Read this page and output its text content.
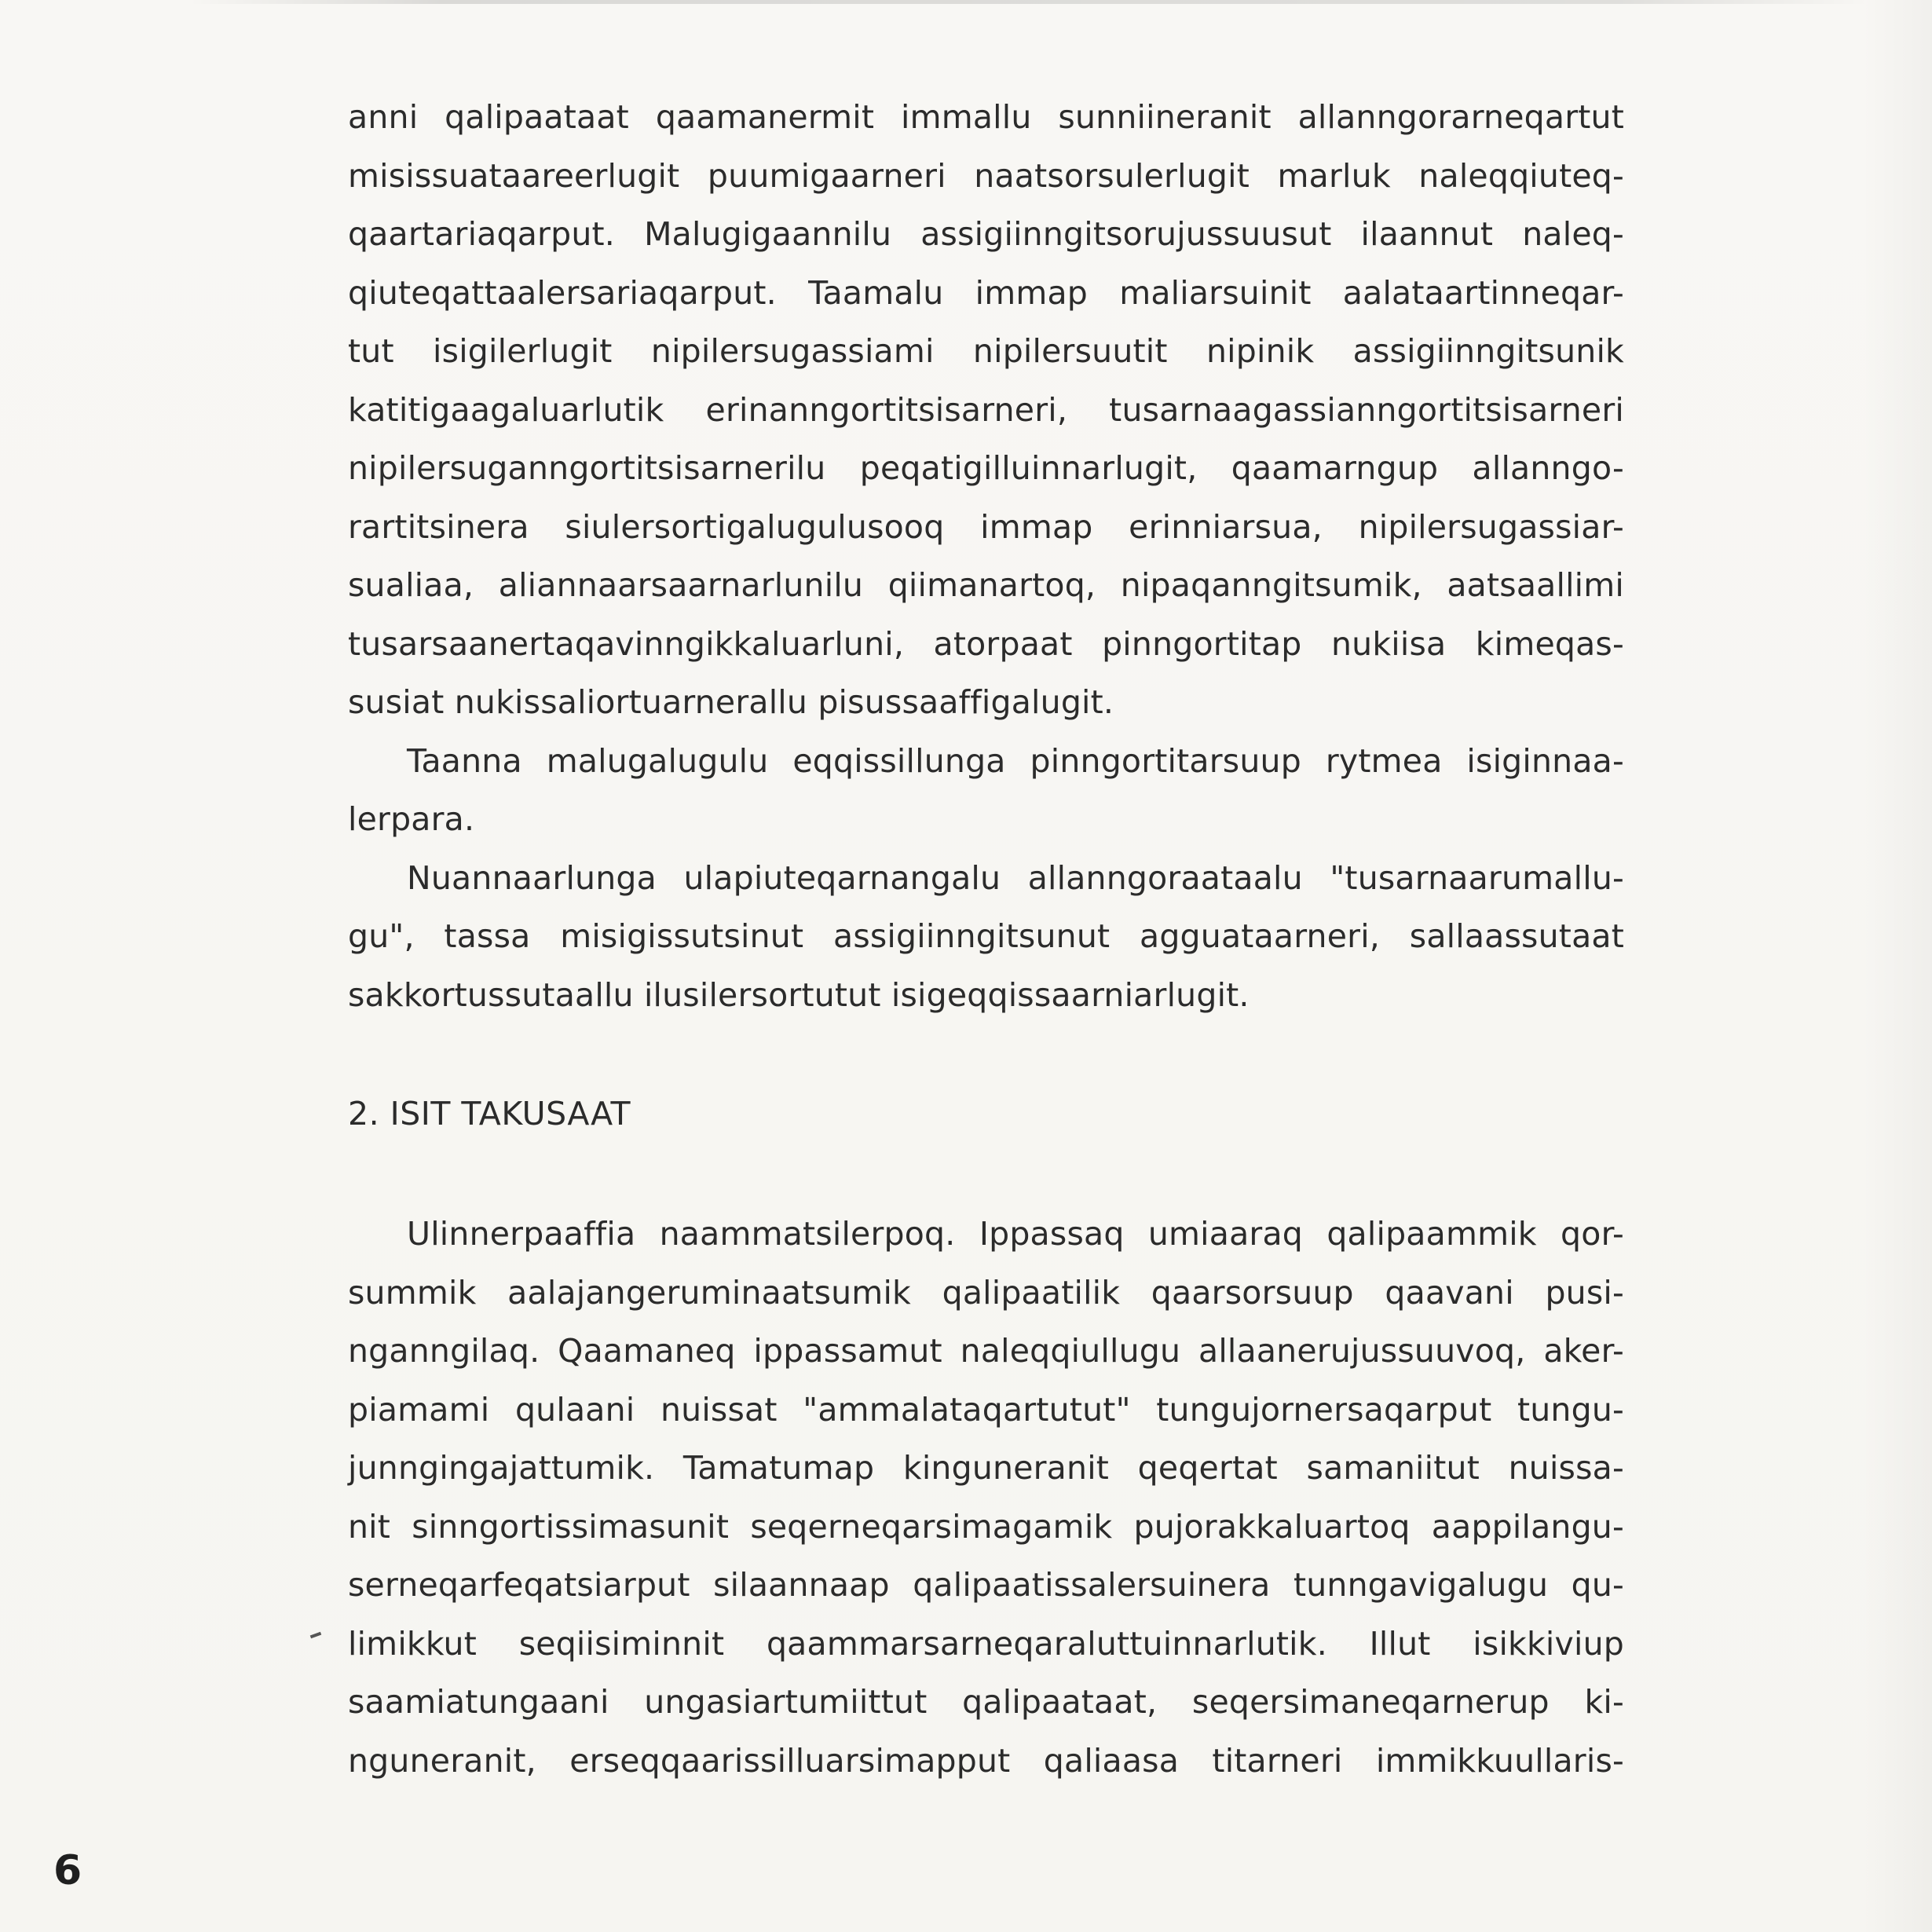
anni qalipaataat qaamanermit immallu sunniineranit allanngorarneqartut
misissuataareerlugit puumigaarneri naatsorsulerlugit marluk naleqqiuteq-
qaartariaqarput. Malugigaannilu assigiinngitsorujussuusut ilaannut naleq-
qiuteqattaalersariaqarput. Taamalu immap maliarsuinit aalataartinneqar-
tut isigilerlugit nipilersugassiami nipilersuutit nipinik assigiinngitsunik
katitigaagaluarlutik erinanngortitsisarneri, tusarnaagassianngortitsisarneri
nipilersuganngortitsisarnerilu peqatigilluinnarlugit, qaamarngup allanngo-
rartitsinera siulersortigalugulusooq immap erinniarsua, nipilersugassiar-
sualiaa, aliannaarsaarnarlunilu qiimanartoq, nipaqanngitsumik, aatsaallimi
tusarsaanertaqavinngikkaluarluni, atorpaat pinngortitap nukiisa kimeqas-
susiat nukissaliortuarnerallu pisussaaffigalugit.
Taanna malugalugulu eqqissillunga pinngortitarsuup rytmea isiginnaa-
lerpara.
Nuannaarlunga ulapiuteqarnangalu allanngoraataalu "tusarnaarumallu-
gu", tassa misigissutsinut assigiinngitsunut agguataarneri, sallaassutaat
sakkortussutaallu ilusilersortutut isigeqqissaarniarlugit.
2. ISIT TAKUSAAT
Ulinnerpaaffia naammatsilerpoq. Ippassaq umiaaraq qalipaammik qor-
summik aalajangeruminaatsumik qalipaatilik qaarsorsuup qaavani pusi-
nganngilaq. Qaamaneq ippassamut naleqqiullugu allaanerujussuuvoq, aker-
piamami qulaani nuissat "ammalataqartutut" tungujornersaqarput tungu-
junngingajattumik. Tamatumap kinguneranit qeqertat samaniitut nuissa-
nit sinngortissimasunit seqerneqarsimagamik pujorakkaluartoq aappilangu-
serneqarfeqatsiarput silaannaap qalipaatissalersuinera tunngavigalugu qu-
limikkut seqiisiminnit qaammarsarneqaraluttuinnarlutik. Illut isikkiviup
saamiatungaani ungasiartumiittut qalipaataat, seqersimaneqarnerup ki-
nguneranit, erseqqaarissilluarsimapput qaliaasa titarneri immikkuullaris-
6
